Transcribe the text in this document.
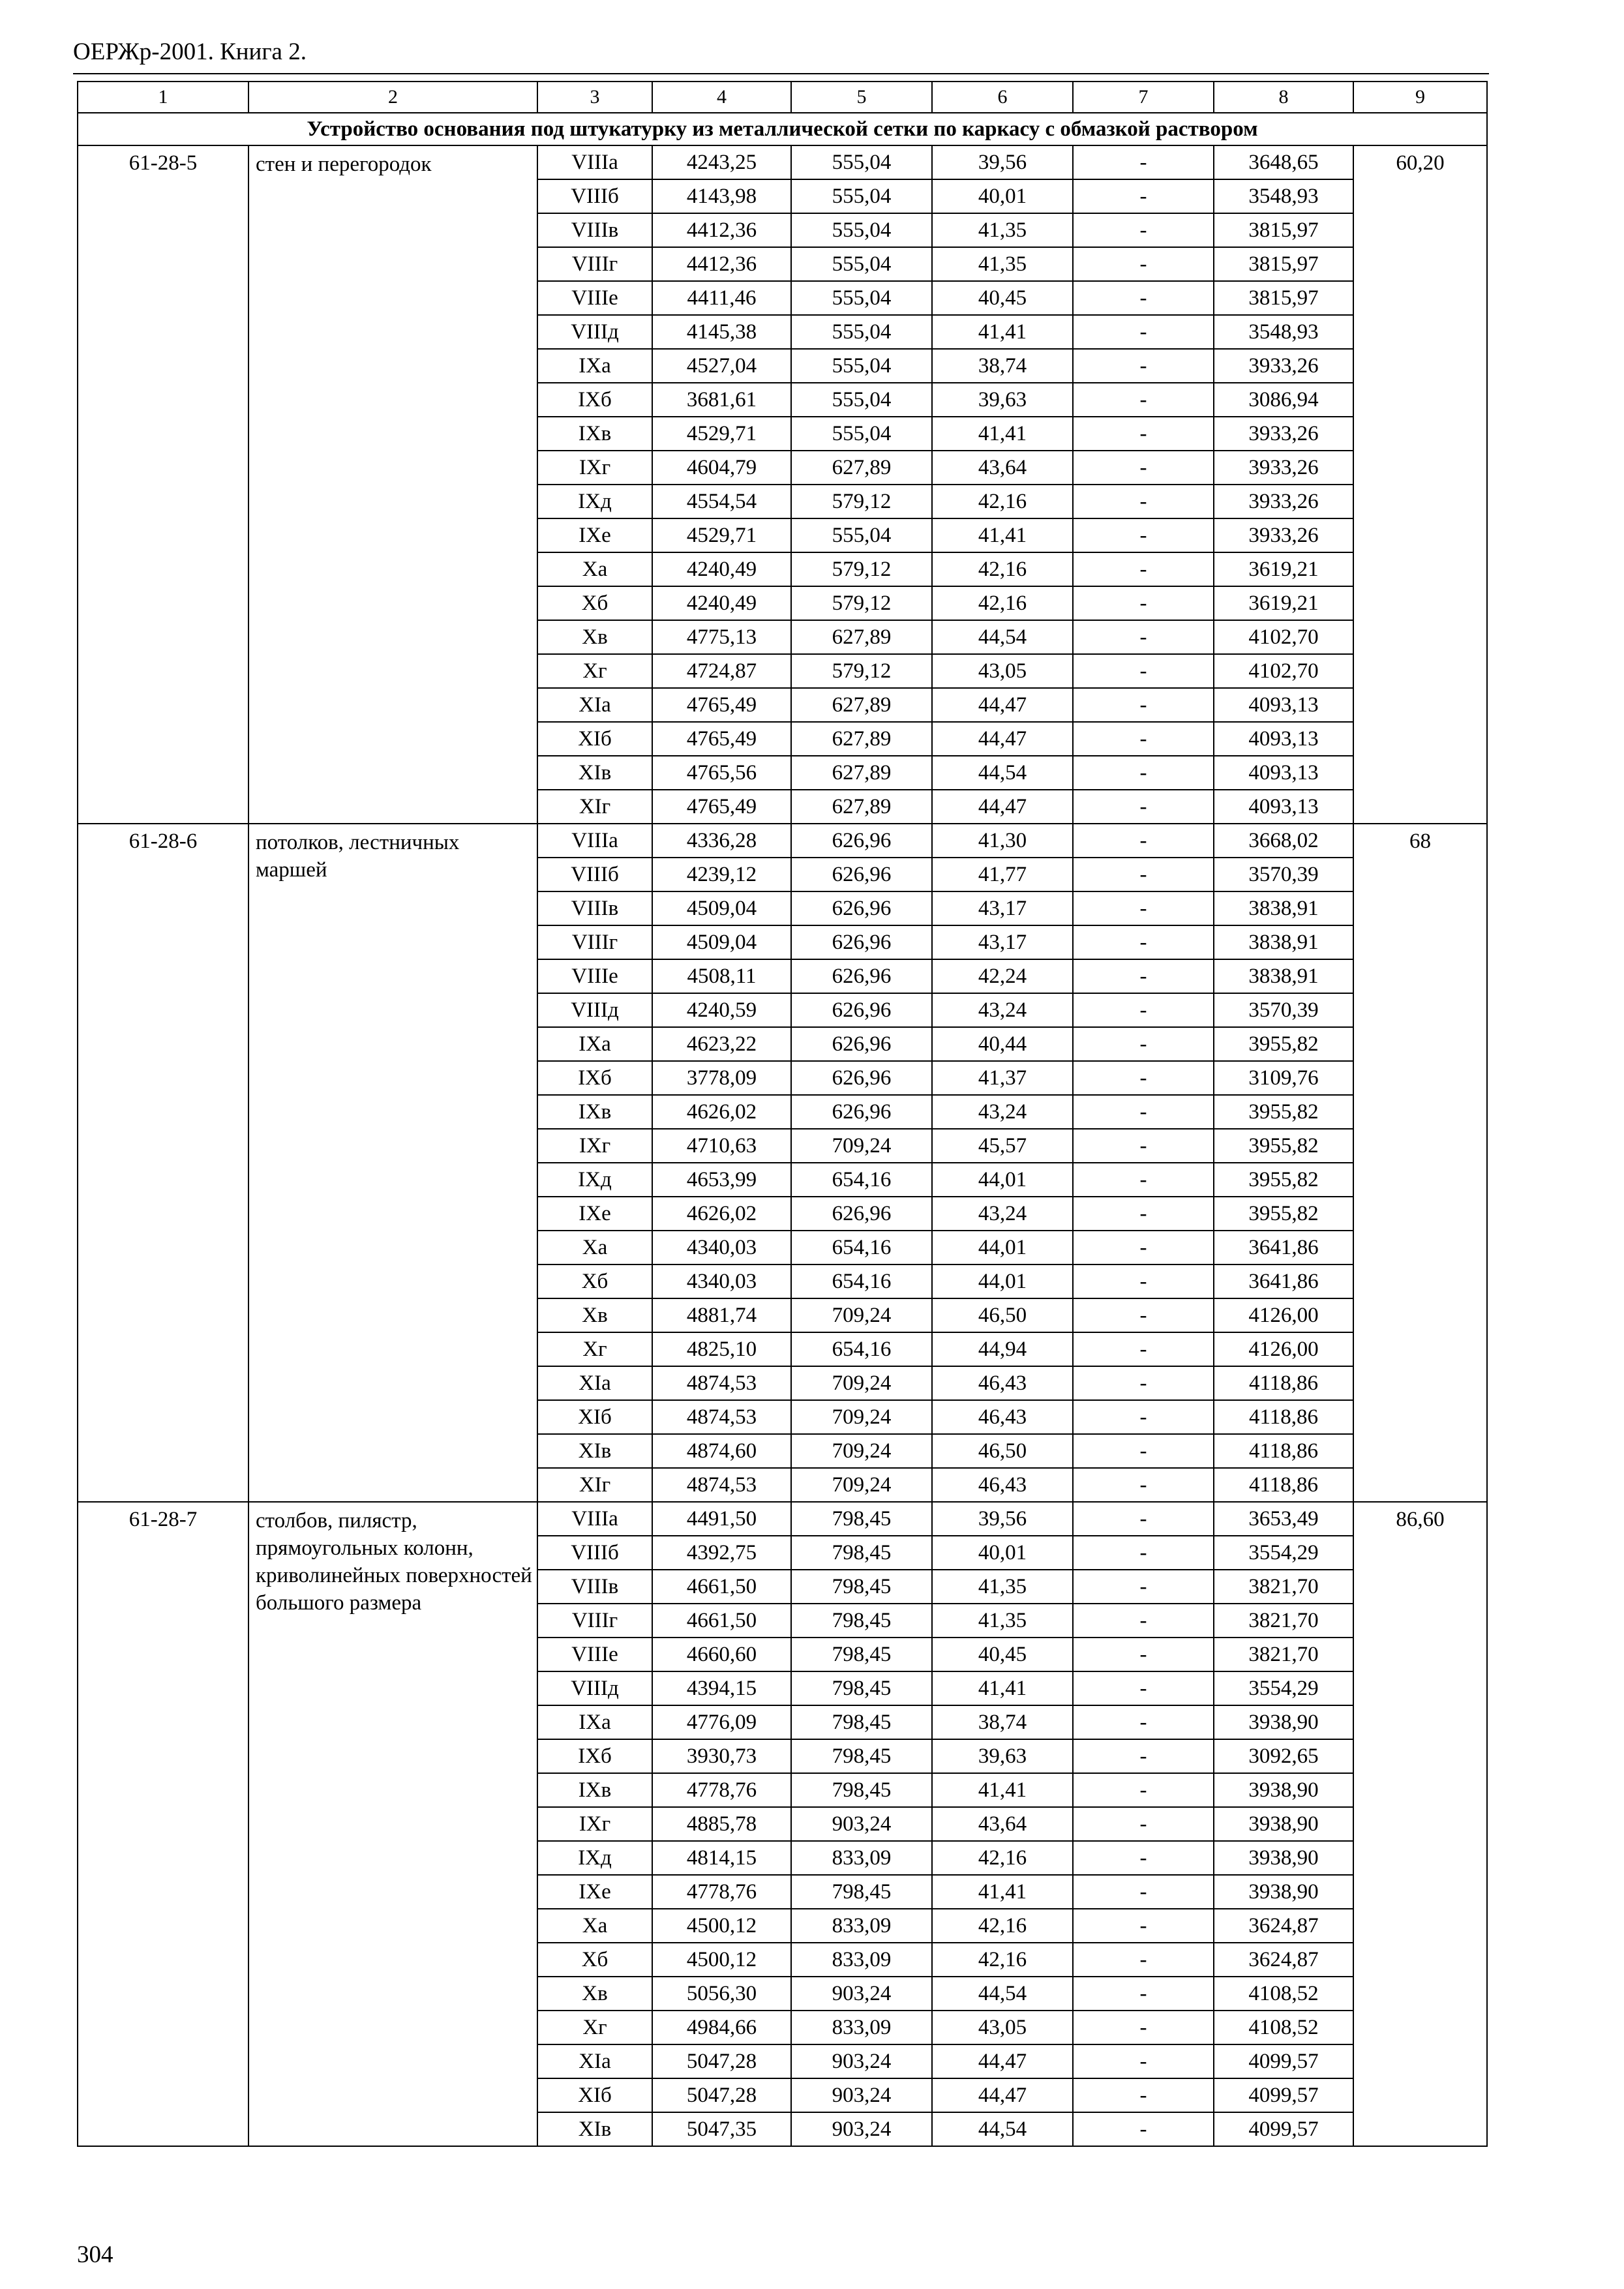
ОЕРЖр-2001. Книга 2.
1	2	3	4	5	6	7	8	9
Устройство основания под штукатурку из металлической сетки по каркасу с обмазкой раствором								
61-28-5	стен и перегородок	VIIIа	4243,25	555,04	39,56	-	3648,65	60,20
		VIIIб	4143,98	555,04	40,01	-	3548,93	
		VIIIв	4412,36	555,04	41,35	-	3815,97	
		VIIIг	4412,36	555,04	41,35	-	3815,97	
		VIIIе	4411,46	555,04	40,45	-	3815,97	
		VIIIд	4145,38	555,04	41,41	-	3548,93	
		IXа	4527,04	555,04	38,74	-	3933,26	
		IXб	3681,61	555,04	39,63	-	3086,94	
		IXв	4529,71	555,04	41,41	-	3933,26	
		IXг	4604,79	627,89	43,64	-	3933,26	
		IXд	4554,54	579,12	42,16	-	3933,26	
		IXе	4529,71	555,04	41,41	-	3933,26	
		Xа	4240,49	579,12	42,16	-	3619,21	
		Xб	4240,49	579,12	42,16	-	3619,21	
		Xв	4775,13	627,89	44,54	-	4102,70	
		Xг	4724,87	579,12	43,05	-	4102,70	
		XIа	4765,49	627,89	44,47	-	4093,13	
		XIб	4765,49	627,89	44,47	-	4093,13	
		XIв	4765,56	627,89	44,54	-	4093,13	
		XIг	4765,49	627,89	44,47	-	4093,13	
61-28-6	потолков, лестничных маршей	VIIIа	4336,28	626,96	41,30	-	3668,02	68
		VIIIб	4239,12	626,96	41,77	-	3570,39	
		VIIIв	4509,04	626,96	43,17	-	3838,91	
		VIIIг	4509,04	626,96	43,17	-	3838,91	
		VIIIе	4508,11	626,96	42,24	-	3838,91	
		VIIIд	4240,59	626,96	43,24	-	3570,39	
		IXа	4623,22	626,96	40,44	-	3955,82	
		IXб	3778,09	626,96	41,37	-	3109,76	
		IXв	4626,02	626,96	43,24	-	3955,82	
		IXг	4710,63	709,24	45,57	-	3955,82	
		IXд	4653,99	654,16	44,01	-	3955,82	
		IXе	4626,02	626,96	43,24	-	3955,82	
		Xа	4340,03	654,16	44,01	-	3641,86	
		Xб	4340,03	654,16	44,01	-	3641,86	
		Xв	4881,74	709,24	46,50	-	4126,00	
		Xг	4825,10	654,16	44,94	-	4126,00	
		XIа	4874,53	709,24	46,43	-	4118,86	
		XIб	4874,53	709,24	46,43	-	4118,86	
		XIв	4874,60	709,24	46,50	-	4118,86	
		XIг	4874,53	709,24	46,43	-	4118,86	
61-28-7	столбов, пилястр, прямоугольных колонн, криволинейных поверхностей большого размера	VIIIа	4491,50	798,45	39,56	-	3653,49	86,60
		VIIIб	4392,75	798,45	40,01	-	3554,29	
		VIIIв	4661,50	798,45	41,35	-	3821,70	
		VIIIг	4661,50	798,45	41,35	-	3821,70	
		VIIIе	4660,60	798,45	40,45	-	3821,70	
		VIIIд	4394,15	798,45	41,41	-	3554,29	
		IXа	4776,09	798,45	38,74	-	3938,90	
		IXб	3930,73	798,45	39,63	-	3092,65	
		IXв	4778,76	798,45	41,41	-	3938,90	
		IXг	4885,78	903,24	43,64	-	3938,90	
		IXд	4814,15	833,09	42,16	-	3938,90	
		IXе	4778,76	798,45	41,41	-	3938,90	
		Xа	4500,12	833,09	42,16	-	3624,87	
		Xб	4500,12	833,09	42,16	-	3624,87	
		Xв	5056,30	903,24	44,54	-	4108,52	
		Xг	4984,66	833,09	43,05	-	4108,52	
		XIа	5047,28	903,24	44,47	-	4099,57	
		XIб	5047,28	903,24	44,47	-	4099,57	
		XIв	5047,35	903,24	44,54	-	4099,57	
304
